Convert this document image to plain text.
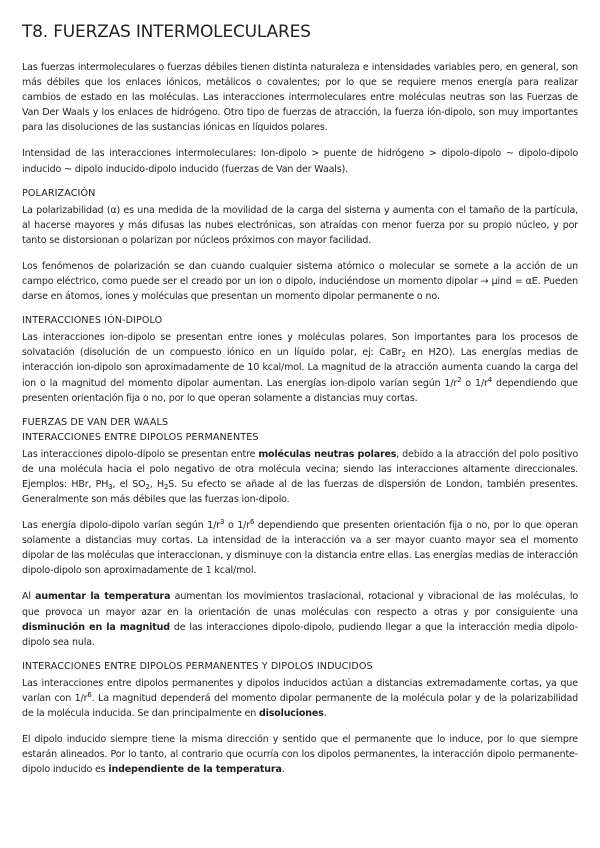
T8. FUERZAS INTERMOLECULARES

Las fuerzas intermoleculares o fuerzas débiles tienen distinta naturaleza e intensidades variables pero, en general, son más débiles que los enlaces iónicos, metálicos o covalentes; por lo que se requiere menos energía para realizar cambios de estado en las moléculas. Las interacciones intermoleculares entre moléculas neutras son las Fuerzas de Van Der Waals y los enlaces de hidrógeno. Otro tipo de fuerzas de atracción, la fuerza ión-dipolo, son muy importantes para las disoluciones de las sustancias iónicas en líquidos polares.

Intensidad de las interacciones intermoleculares: Ion-dipolo > puente de hidrógeno > dipolo-dipolo ~ dipolo-dipolo inducido ~ dipolo inducido-dipolo inducido (fuerzas de Van der Waals).

POLARIZACIÓN

La polarizabilidad (α) es una medida de la movilidad de la carga del sistema y aumenta con el tamaño de la partícula, al hacerse mayores y más difusas las nubes electrónicas, son atraídas con menor fuerza por su propio núcleo, y por tanto se distorsionan o polarizan por núcleos próximos con mayor facilidad.

Los fenómenos de polarización se dan cuando cualquier sistema atómico o molecular se somete a la acción de un campo eléctrico, como puede ser el creado por un ion o dipolo, induciéndose un momento dipolar → μind = αE. Pueden darse en átomos, iones y moléculas que presentan un momento dipolar permanente o no.

INTERACCIONES IÓN-DIPOLO

Las interacciones ion-dipolo se presentan entre iones y moléculas polares. Son importantes para los procesos de solvatación (disolución de un compuesto iónico en un líquido polar, ej: CaBr$_2$ en H2O). Las energías medias de interacción ion-dipolo son aproximadamente de 10 kcal/mol. La magnitud de la atracción aumenta cuando la carga del ion o la magnitud del momento dipolar aumentan. Las energías ion-dipolo varían según $1/r^2$ o $1/r^4$ dependiendo que presenten orientación fija o no, por lo que operan solamente a distancias muy cortas.

FUERZAS DE VAN DER WAALS
INTERACCIONES ENTRE DIPOLOS PERMANENTES

Las interacciones dipolo-dipolo se presentan entre moléculas neutras polares, debido a la atracción del polo positivo de una molécula hacia el polo negativo de otra molécula vecina; siendo las interacciones altamente direccionales. Ejemplos: HBr, $PH_3$, el $SO_2$, $H_2S$. Su efecto se añade al de las fuerzas de dispersión de London, también presentes. Generalmente son más débiles que las fuerzas ion-dipolo.

Las energía dipolo-dipolo varían según $1/r^3$ o $1/r^6$ dependiendo que presenten orientación fija o no, por lo que operan solamente a distancias muy cortas. La intensidad de la interacción va a ser mayor cuanto mayor sea el momento dipolar de las moléculas que interaccionan, y disminuye con la distancia entre ellas. Las energías medias de interacción dipolo-dipolo son aproximadamente de 1 kcal/mol.

Al aumentar la temperatura aumentan los movimientos traslacional, rotacional y vibracional de las moléculas, lo que provoca un mayor azar en la orientación de unas moléculas con respecto a otras y por consiguiente una disminución en la magnitud de las interacciones dipolo-dipolo, pudiendo llegar a que la interacción media dipolo-dipolo sea nula.

INTERACCIONES ENTRE DIPOLOS PERMANENTES Y DIPOLOS INDUCIDOS

Las interacciones entre dipolos permanentes y dipolos inducidos actúan a distancias extremadamente cortas, ya que varían con $1/r^6$. La magnitud dependerá del momento dipolar permanente de la molécula polar y de la polarizabilidad de la molécula inducida. Se dan principalmente en disoluciones.

El dipolo inducido siempre tiene la misma dirección y sentido que el permanente que lo induce, por lo que siempre estarán alineados. Por lo tanto, al contrario que ocurría con los dipolos permanentes, la interacción dipolo permanente-dipolo inducido es independiente de la temperatura.
